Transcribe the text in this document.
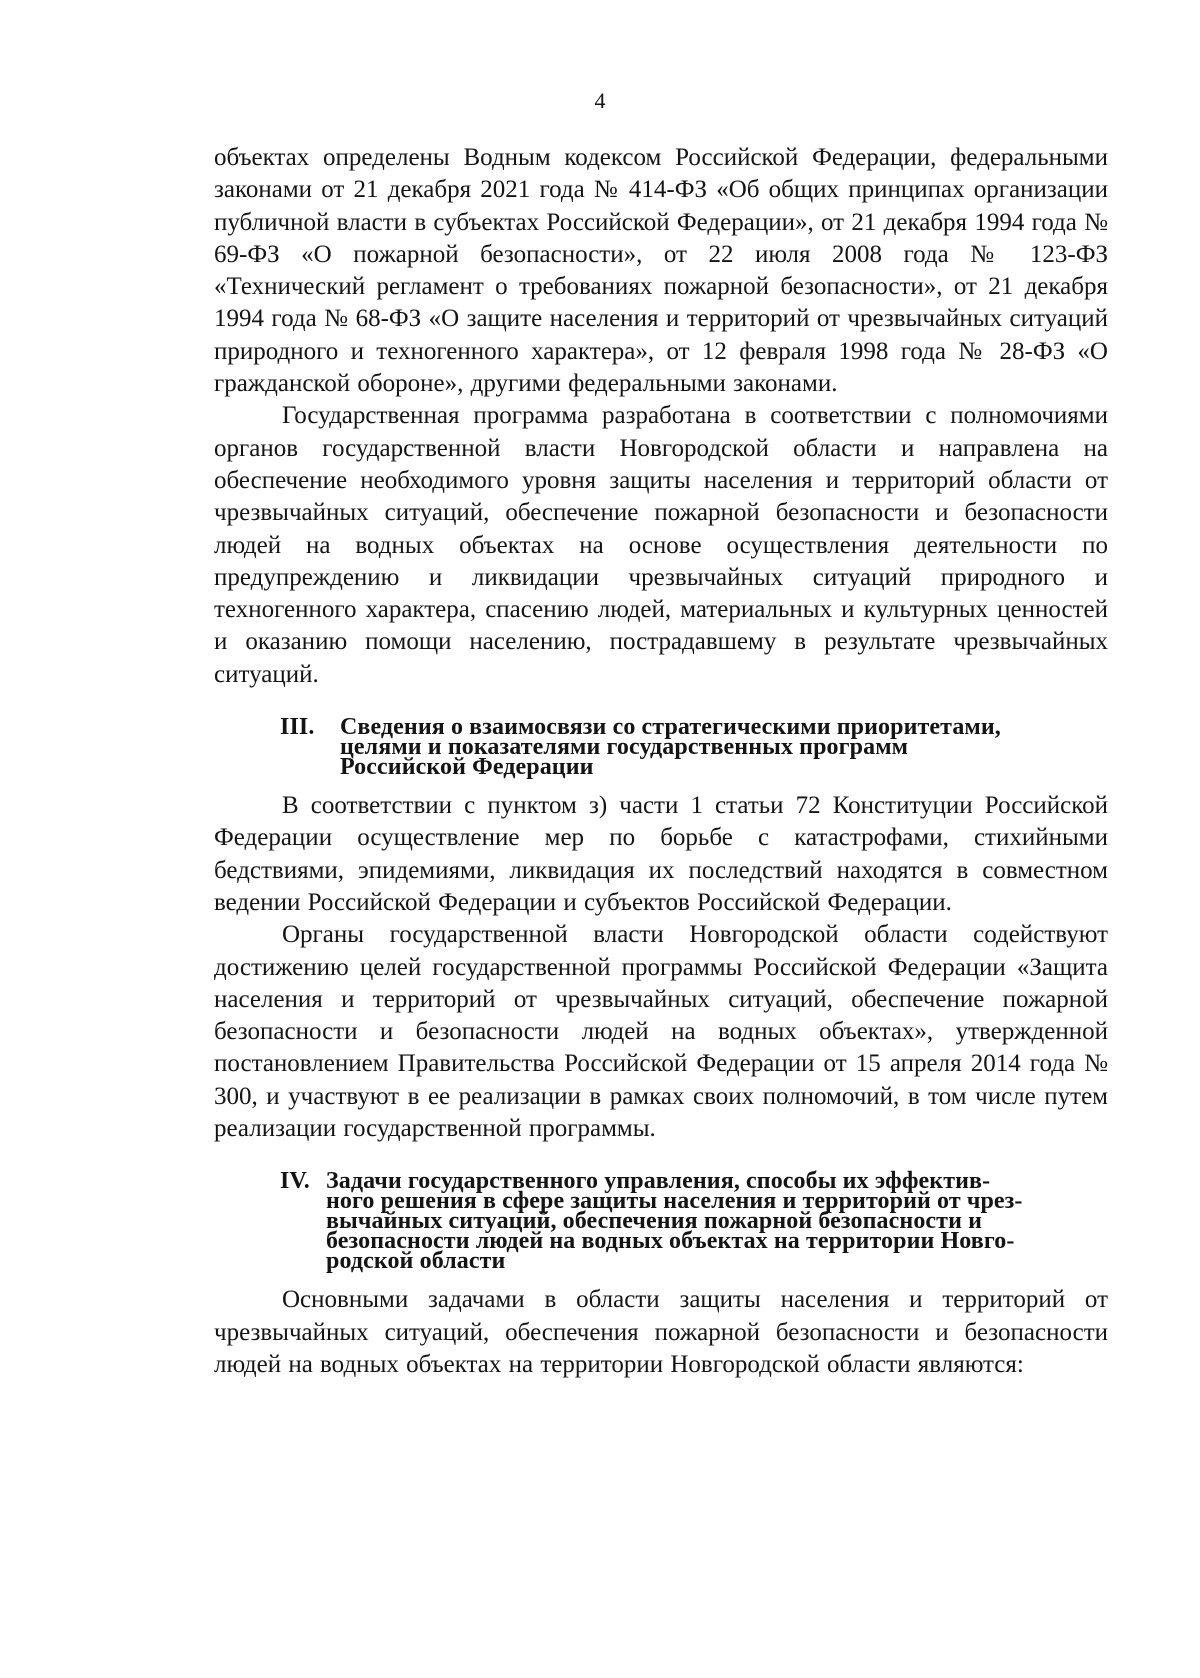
4

объектах определены Водным кодексом Российской Федерации, федеральными законами от 21 декабря 2021 года № 414-ФЗ «Об общих принципах организации публичной власти в субъектах Российской Федерации», от 21 декабря 1994 года № 69-ФЗ «О пожарной безопасности», от 22 июля 2008 года № 123-ФЗ «Технический регламент о требованиях пожарной безопасности», от 21 декабря 1994 года № 68-ФЗ «О защите населения и территорий от чрезвычайных ситуаций природного и техногенного характера», от 12 февраля 1998 года № 28-ФЗ «О гражданской обороне», другими федеральными законами.

Государственная программа разработана в соответствии с полномочиями органов государственной власти Новгородской области и направлена на обеспечение необходимого уровня защиты населения и территорий области от чрезвычайных ситуаций, обеспечение пожарной безопасности и безопасности людей на водных объектах на основе осуществления деятельности по предупреждению и ликвидации чрезвычайных ситуаций природного и техногенного характера, спасению людей, материальных и культурных ценностей и оказанию помощи населению, пострадавшему в результате чрезвычайных ситуаций.

III. Сведения о взаимосвязи со стратегическими приоритетами,
целями и показателями государственных программ
Российской Федерации

В соответствии с пунктом з) части 1 статьи 72 Конституции Российской Федерации осуществление мер по борьбе с катастрофами, стихийными бедствиями, эпидемиями, ликвидация их последствий находятся в совместном ведении Российской Федерации и субъектов Российской Федерации.

Органы государственной власти Новгородской области содействуют достижению целей государственной программы Российской Федерации «Защита населения и территорий от чрезвычайных ситуаций, обеспечение пожарной безопасности и безопасности людей на водных объектах», утвержденной постановлением Правительства Российской Федерации от 15 апреля 2014 года № 300, и участвуют в ее реализации в рамках своих полномочий, в том числе путем реализации государственной программы.

IV. Задачи государственного управления, способы их эффектив-
ного решения в сфере защиты населения и территорий от чрез-
вычайных ситуаций, обеспечения пожарной безопасности и
безопасности людей на водных объектах на территории Новго-
родской области

Основными задачами в области защиты населения и территорий от чрезвычайных ситуаций, обеспечения пожарной безопасности и безопасности людей на водных объектах на территории Новгородской области являются:
